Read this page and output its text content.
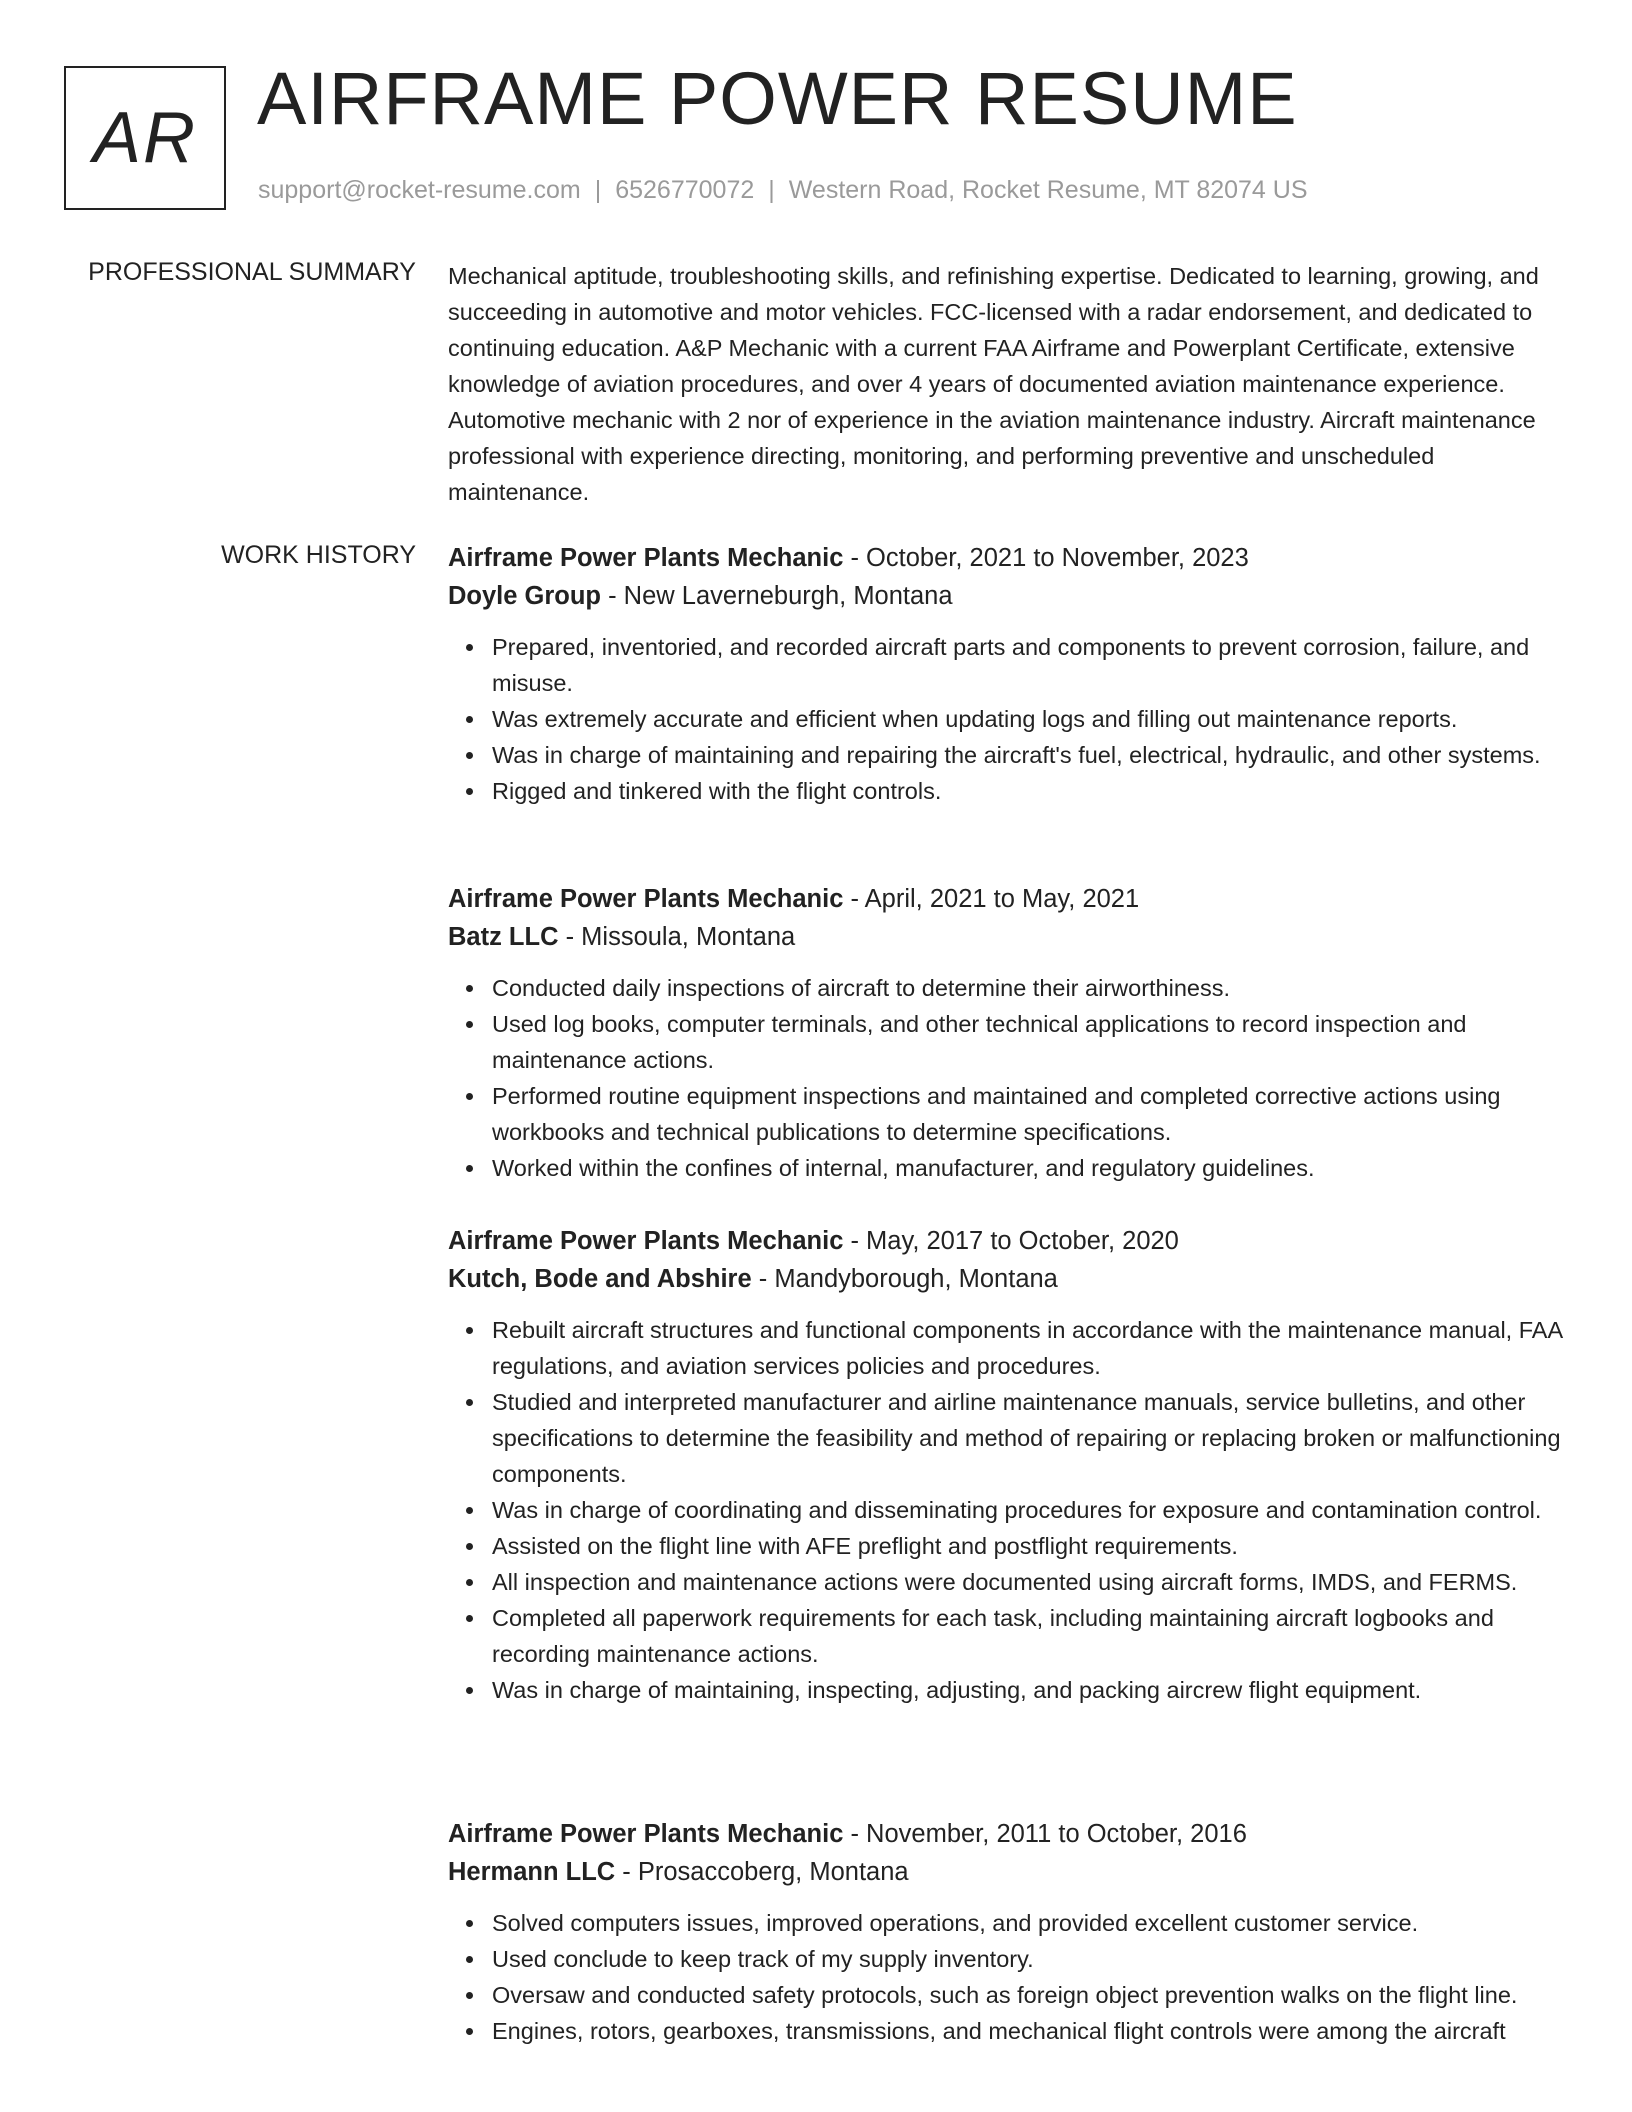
AR AIRFRAME POWER RESUME
support@rocket-resume.com | 6526770072 | Western Road, Rocket Resume, MT 82074 US
PROFESSIONAL SUMMARY Mechanical aptitude, troubleshooting skills, and refinishing expertise. Dedicated to learning, growing, and succeeding in automotive and motor vehicles. FCC-licensed with a radar endorsement, and dedicated to continuing education. A&P Mechanic with a current FAA Airframe and Powerplant Certificate, extensive knowledge of aviation procedures, and over 4 years of documented aviation maintenance experience. Automotive mechanic with 2 nor of experience in the aviation maintenance industry. Aircraft maintenance professional with experience directing, monitoring, and performing preventive and unscheduled maintenance.
WORK HISTORY Airframe Power Plants Mechanic - October, 2021 to November, 2023
Doyle Group - New Laverneburgh, Montana
Prepared, inventoried, and recorded aircraft parts and components to prevent corrosion, failure, and misuse.
Was extremely accurate and efficient when updating logs and filling out maintenance reports.
Was in charge of maintaining and repairing the aircraft's fuel, electrical, hydraulic, and other systems.
Rigged and tinkered with the flight controls.
Airframe Power Plants Mechanic - April, 2021 to May, 2021
Batz LLC - Missoula, Montana
Conducted daily inspections of aircraft to determine their airworthiness.
Used log books, computer terminals, and other technical applications to record inspection and maintenance actions.
Performed routine equipment inspections and maintained and completed corrective actions using workbooks and technical publications to determine specifications.
Worked within the confines of internal, manufacturer, and regulatory guidelines.
Airframe Power Plants Mechanic - May, 2017 to October, 2020
Kutch, Bode and Abshire - Mandyborough, Montana
Rebuilt aircraft structures and functional components in accordance with the maintenance manual, FAA regulations, and aviation services policies and procedures.
Studied and interpreted manufacturer and airline maintenance manuals, service bulletins, and other specifications to determine the feasibility and method of repairing or replacing broken or malfunctioning components.
Was in charge of coordinating and disseminating procedures for exposure and contamination control.
Assisted on the flight line with AFE preflight and postflight requirements.
All inspection and maintenance actions were documented using aircraft forms, IMDS, and FERMS.
Completed all paperwork requirements for each task, including maintaining aircraft logbooks and recording maintenance actions.
Was in charge of maintaining, inspecting, adjusting, and packing aircrew flight equipment.
Airframe Power Plants Mechanic - November, 2011 to October, 2016
Hermann LLC - Prosaccoberg, Montana
Solved computers issues, improved operations, and provided excellent customer service.
Used conclude to keep track of my supply inventory.
Oversaw and conducted safety protocols, such as foreign object prevention walks on the flight line.
Engines, rotors, gearboxes, transmissions, and mechanical flight controls were among the aircraft
